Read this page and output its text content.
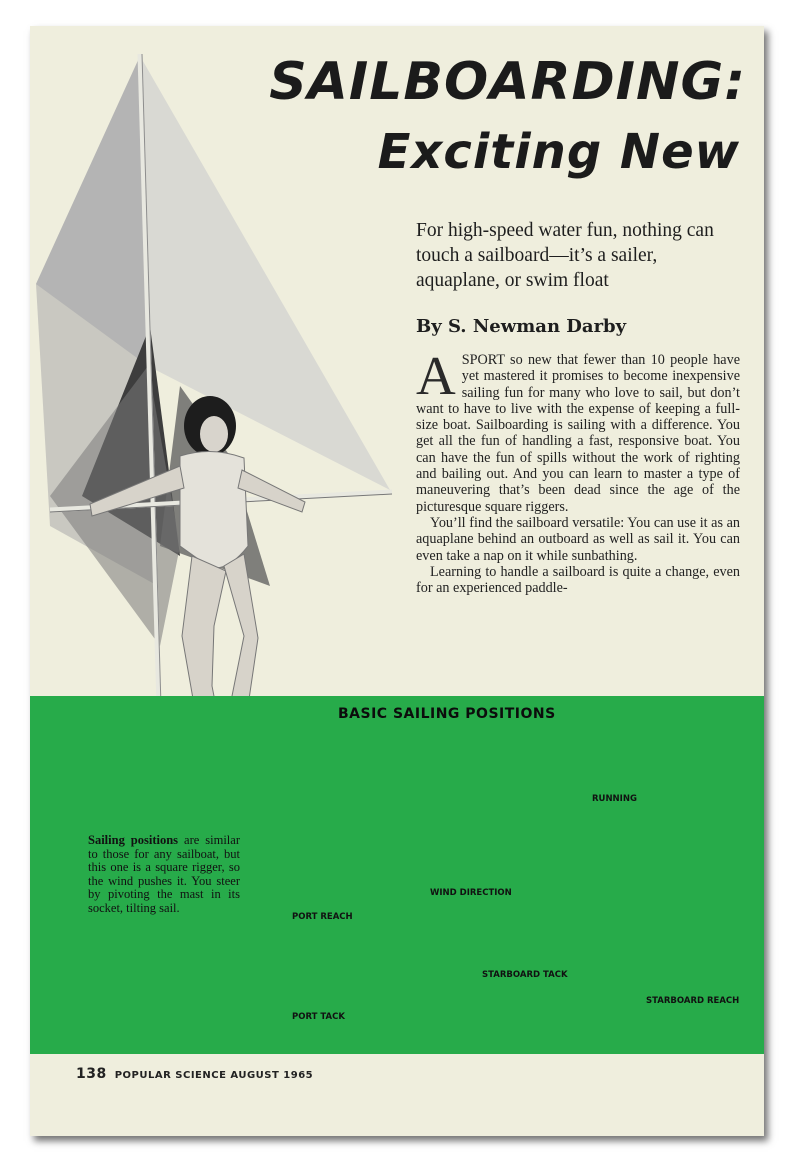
SAILBOARDING:
Exciting New
For high-speed water fun, nothing can touch a sailboard—it’s a sailer, aquaplane, or swim float
By S. Newman Darby

ASPORT so new that fewer than 10 people have yet mastered it promises to become inexpensive sailing fun for many who love to sail, but don’t want to have to live with the expense of keeping a full-size boat. Sailboarding is sailing with a difference. You get all the fun of handling a fast, responsive boat. You can have the fun of spills without the work of righting and bailing out. And you can learn to master a type of maneuvering that’s been dead since the age of the picturesque square riggers.

You’ll find the sailboard versatile: You can use it as an aquaplane behind an outboard as well as sail it. You can even take a nap on it while sunbathing.

Learning to handle a sailboard is quite a change, even for an experienced paddle-

BASIC SAILING POSITIONS
Sailing positions are similar to those for any sailboat, but this one is a square rigger, so the wind pushes it. You steer by pivoting the mast in its socket, tilting sail.
RUNNING
WIND DIRECTION
PORT REACH
PORT TACK
STARBOARD TACK
STARBOARD REACH
138 POPULAR SCIENCE AUGUST 1965
